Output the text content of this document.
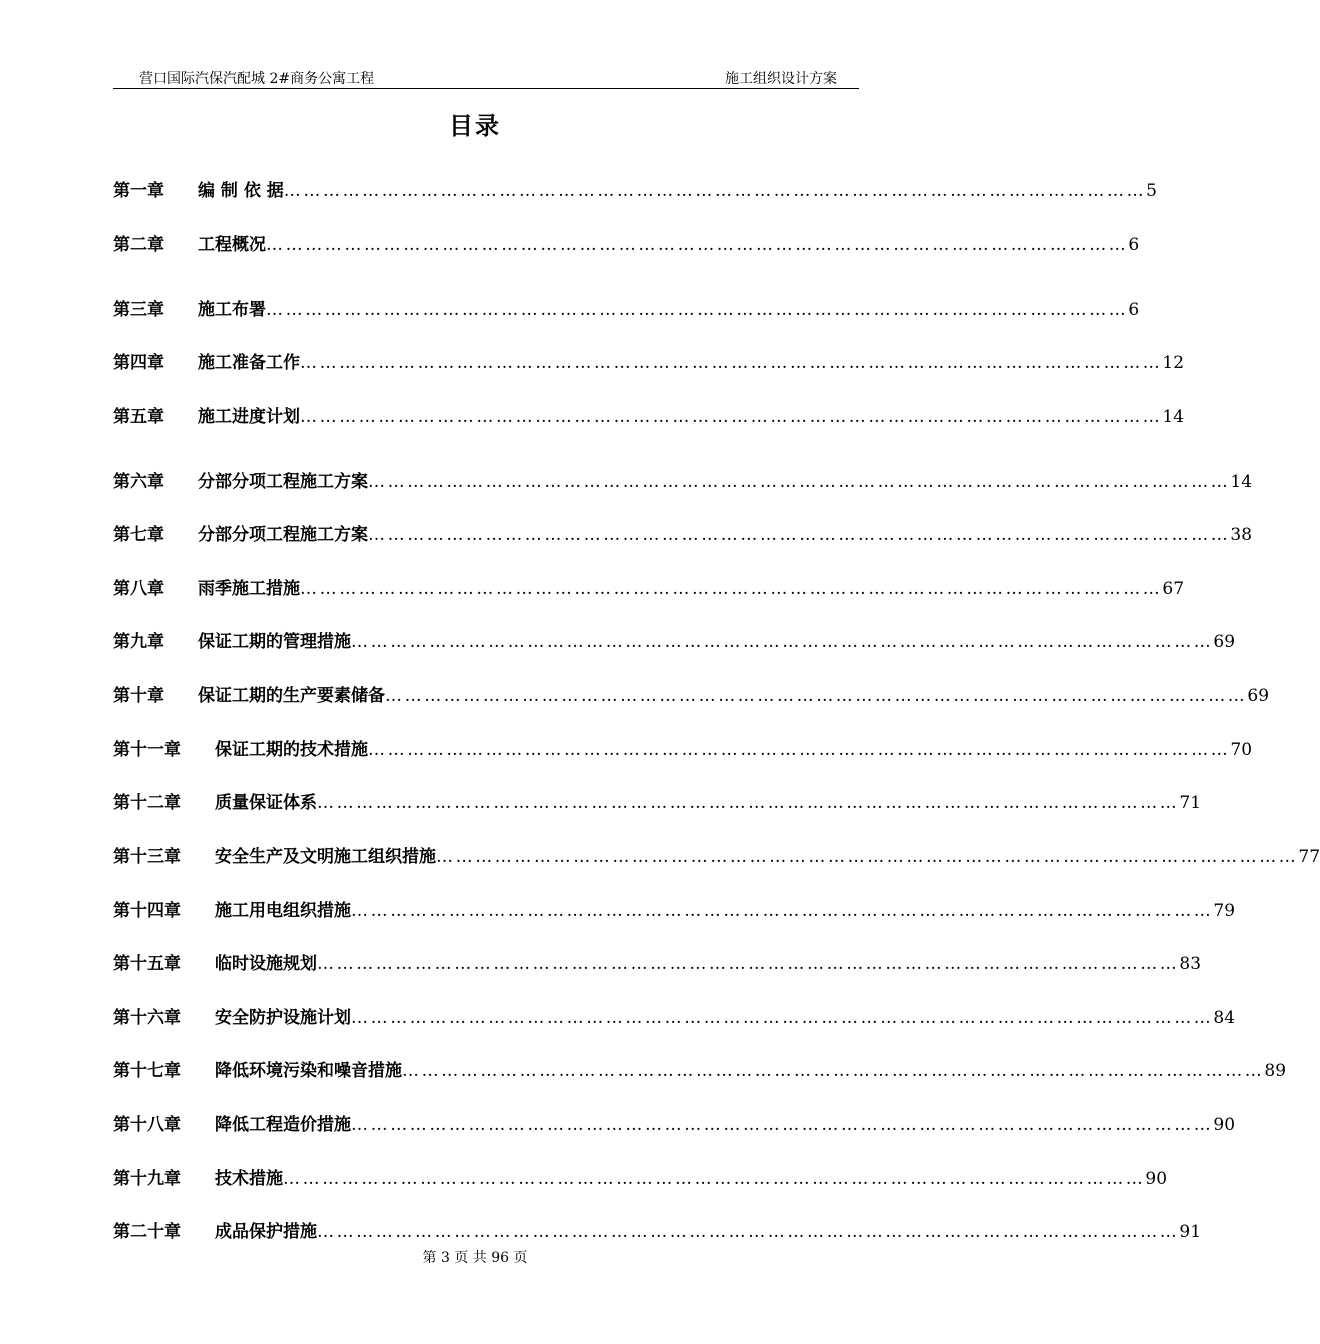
营口国际汽保汽配城 2#商务公寓工程	施工组织设计方案
目录
第一章	编 制 依 据 …………………………………………………………………………………………………………………… 5
第二章	工程概况 …………………………………………………………………………………………………………………… 6
第三章	施工布署 …………………………………………………………………………………………………………………… 6
第四章	施工准备工作 …………………………………………………………………………………………………………………… 12
第五章	施工进度计划 …………………………………………………………………………………………………………………… 14
第六章	分部分项工程施工方案 …………………………………………………………………………………………………………………… 14
第七章	分部分项工程施工方案 …………………………………………………………………………………………………………………… 38
第八章	雨季施工措施 …………………………………………………………………………………………………………………… 67
第九章	保证工期的管理措施 …………………………………………………………………………………………………………………… 69
第十章	保证工期的生产要素储备 …………………………………………………………………………………………………………………… 69
第十一章	保证工期的技术措施 …………………………………………………………………………………………………………………… 70
第十二章	质量保证体系 …………………………………………………………………………………………………………………… 71
第十三章	安全生产及文明施工组织措施 …………………………………………………………………………………………………………………… 77
第十四章	施工用电组织措施 …………………………………………………………………………………………………………………… 79
第十五章	临时设施规划 …………………………………………………………………………………………………………………… 83
第十六章	安全防护设施计划 …………………………………………………………………………………………………………………… 84
第十七章	降低环境污染和噪音措施 …………………………………………………………………………………………………………………… 89
第十八章	降低工程造价措施 …………………………………………………………………………………………………………………… 90
第十九章	技术措施 …………………………………………………………………………………………………………………… 90
第二十章	成品保护措施 …………………………………………………………………………………………………………………… 91
第 3 页 共 96 页
